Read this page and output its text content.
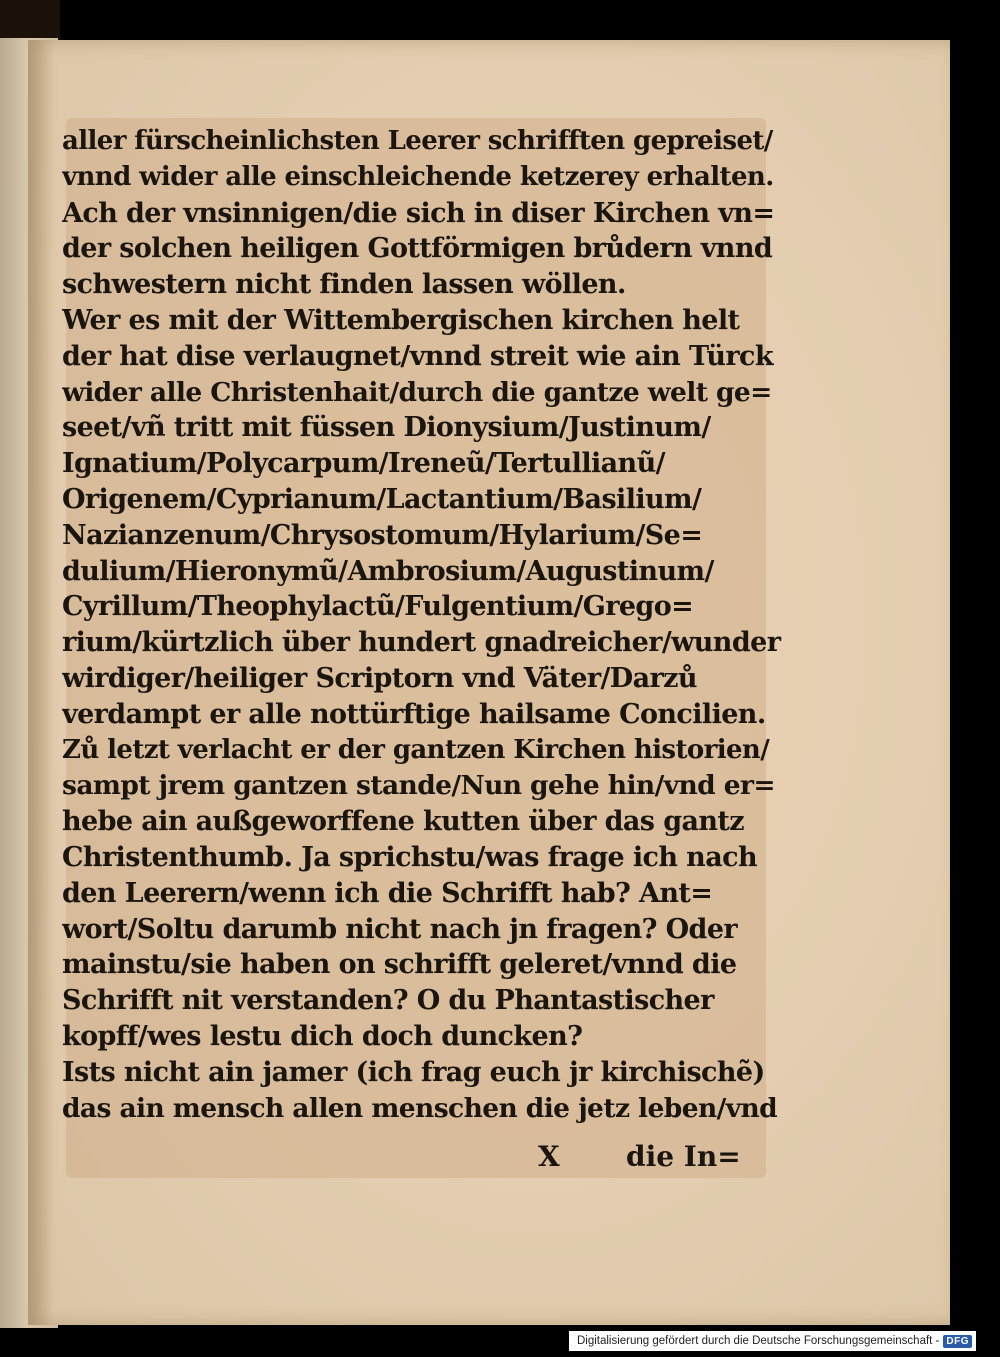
aller fürscheinlichsten Leerer schrifften gepreiset/
vnnd wider alle einschleichende ketzerey erhalten.
Ach der vnsinnigen/die sich in diser Kirchen vn=
der solchen heiligen Gottförmigen brůdern vnnd
schwestern nicht finden lassen wöllen.
Wer es mit der Wittembergischen kirchen helt
der hat dise verlaugnet/vnnd streit wie ain Türck
wider alle Christenhait/durch die gantze welt ge=
seet/vñ tritt mit füssen Dionysium/Justinum/
Ignatium/Polycarpum/Ireneũ/Tertullianũ/
Origenem/Cyprianum/Lactantium/Basilium/
Nazianzenum/Chrysostomum/Hylarium/Se=
dulium/Hieronymũ/Ambrosium/Augustinum/
Cyrillum/Theophylactũ/Fulgentium/Grego=
rium/kürtzlich über hundert gnadreicher/wunder
wirdiger/heiliger Scriptorn vnd Väter/Darzů
verdampt er alle nottürftige hailsame Concilien.
Zů letzt verlacht er der gantzen Kirchen historien/
sampt jrem gantzen stande/Nun gehe hin/vnd er=
hebe ain außgeworffene kutten über das gantz
Christenthumb. Ja sprichstu/was frage ich nach
den Leerern/wenn ich die Schrifft hab? Ant=
wort/Soltu darumb nicht nach jn fragen? Oder
mainstu/sie haben on schrifft geleret/vnnd die
Schrifft nit verstanden? O du Phantastischer
kopff/wes lestu dich doch duncken?
Ists nicht ain jamer (ich frag euch jr kirchischẽ)
das ain mensch allen menschen die jetz leben/vnd
X die In=
Digitalisierung gefördert durch die Deutsche Forschungsgemeinschaft - DFG
